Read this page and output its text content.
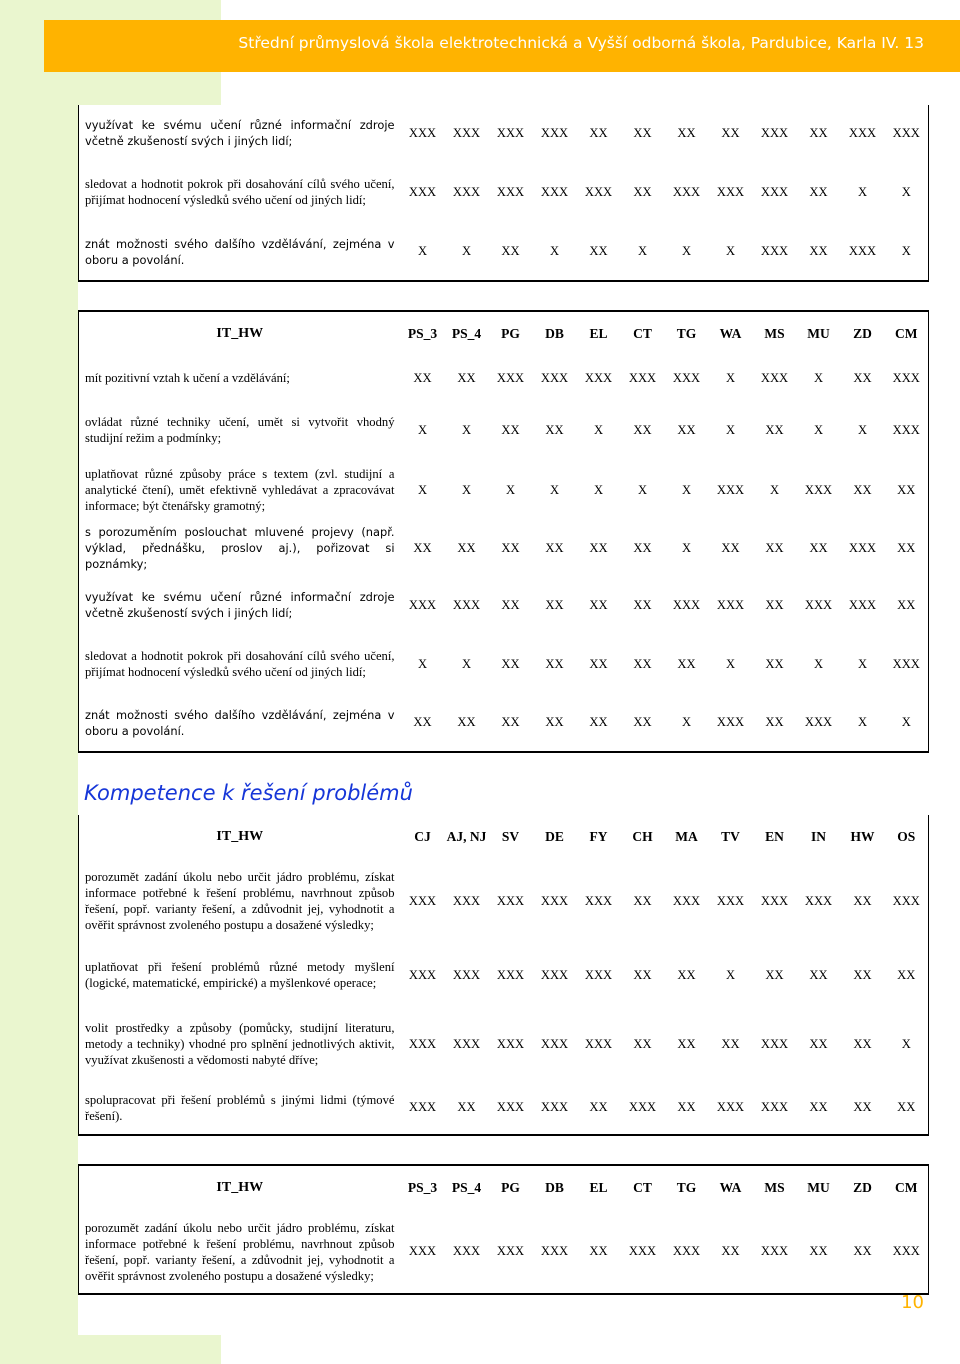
Střední průmyslová škola elektrotechnická a Vyšší odborná škola, Pardubice, Karla IV. 13
využívat ke svému učení různé informační zdroje včetně zkušeností svých i jiných lidí;	XXX	XXX	XXX	XXX	XX	XX	XX	XX	XXX	XX	XXX	XXX
sledovat a hodnotit pokrok při dosahování cílů svého učení, přijímat hodnocení výsledků svého učení od jiných lidí;	XXX	XXX	XXX	XXX	XXX	XX	XXX	XXX	XXX	XX	X	X
znát možnosti svého dalšího vzdělávání, zejména v oboru a povolání.	X	X	XX	X	XX	X	X	X	XXX	XX	XXX	X
IT_HW	PS_3	PS_4	PG	DB	EL	CT	TG	WA	MS	MU	ZD	CM
mít pozitivní vztah k učení a vzdělávání;	XX	XX	XXX	XXX	XXX	XXX	XXX	X	XXX	X	XX	XXX
ovládat různé techniky učení, umět si vytvořit vhodný studijní režim a podmínky;	X	X	XX	XX	X	XX	XX	X	XX	X	X	XXX
uplatňovat různé způsoby práce s textem (zvl. studijní a analytické čtení), umět efektivně vyhledávat a zpracovávat informace; být čtenářsky gramotný;	X	X	X	X	X	X	X	XXX	X	XXX	XX	XX
s porozuměním poslouchat mluvené projevy (např. výklad, přednášku, proslov aj.), pořizovat si poznámky;	XX	XX	XX	XX	XX	XX	X	XX	XX	XX	XXX	XX
využívat ke svému učení různé informační zdroje včetně zkušeností svých i jiných lidí;	XXX	XXX	XX	XX	XX	XX	XXX	XXX	XX	XXX	XXX	XX
sledovat a hodnotit pokrok při dosahování cílů svého učení, přijímat hodnocení výsledků svého učení od jiných lidí;	X	X	XX	XX	XX	XX	XX	X	XX	X	X	XXX
znát možnosti svého dalšího vzdělávání, zejména v oboru a povolání.	XX	XX	XX	XX	XX	XX	X	XXX	XX	XXX	X	X
Kompetence k řešení problémů
IT_HW	CJ	AJ, NJ	SV	DE	FY	CH	MA	TV	EN	IN	HW	OS
porozumět zadání úkolu nebo určit jádro problému, získat informace potřebné k řešení problému, navrhnout způsob řešení, popř. varianty řešení, a zdůvodnit jej, vyhodnotit a ověřit správnost zvoleného postupu a dosažené výsledky;	XXX	XXX	XXX	XXX	XXX	XX	XXX	XXX	XXX	XXX	XX	XXX
uplatňovat při řešení problémů různé metody myšlení (logické, matematické, empirické) a myšlenkové operace;	XXX	XXX	XXX	XXX	XXX	XX	XX	X	XX	XX	XX	XX
volit prostředky a způsoby (pomůcky, studijní literaturu, metody a techniky) vhodné pro splnění jednotlivých aktivit, využívat zkušenosti a vědomosti nabyté dříve;	XXX	XXX	XXX	XXX	XXX	XX	XX	XX	XXX	XX	XX	X
spolupracovat při řešení problémů s jinými lidmi (týmové řešení).	XXX	XX	XXX	XXX	XX	XXX	XX	XXX	XXX	XX	XX	XX
IT_HW	PS_3	PS_4	PG	DB	EL	CT	TG	WA	MS	MU	ZD	CM
porozumět zadání úkolu nebo určit jádro problému, získat informace potřebné k řešení problému, navrhnout způsob řešení, popř. varianty řešení, a zdůvodnit jej, vyhodnotit a ověřit správnost zvoleného postupu a dosažené výsledky;	XXX	XXX	XXX	XXX	XX	XXX	XXX	XX	XXX	XX	XX	XXX
10
